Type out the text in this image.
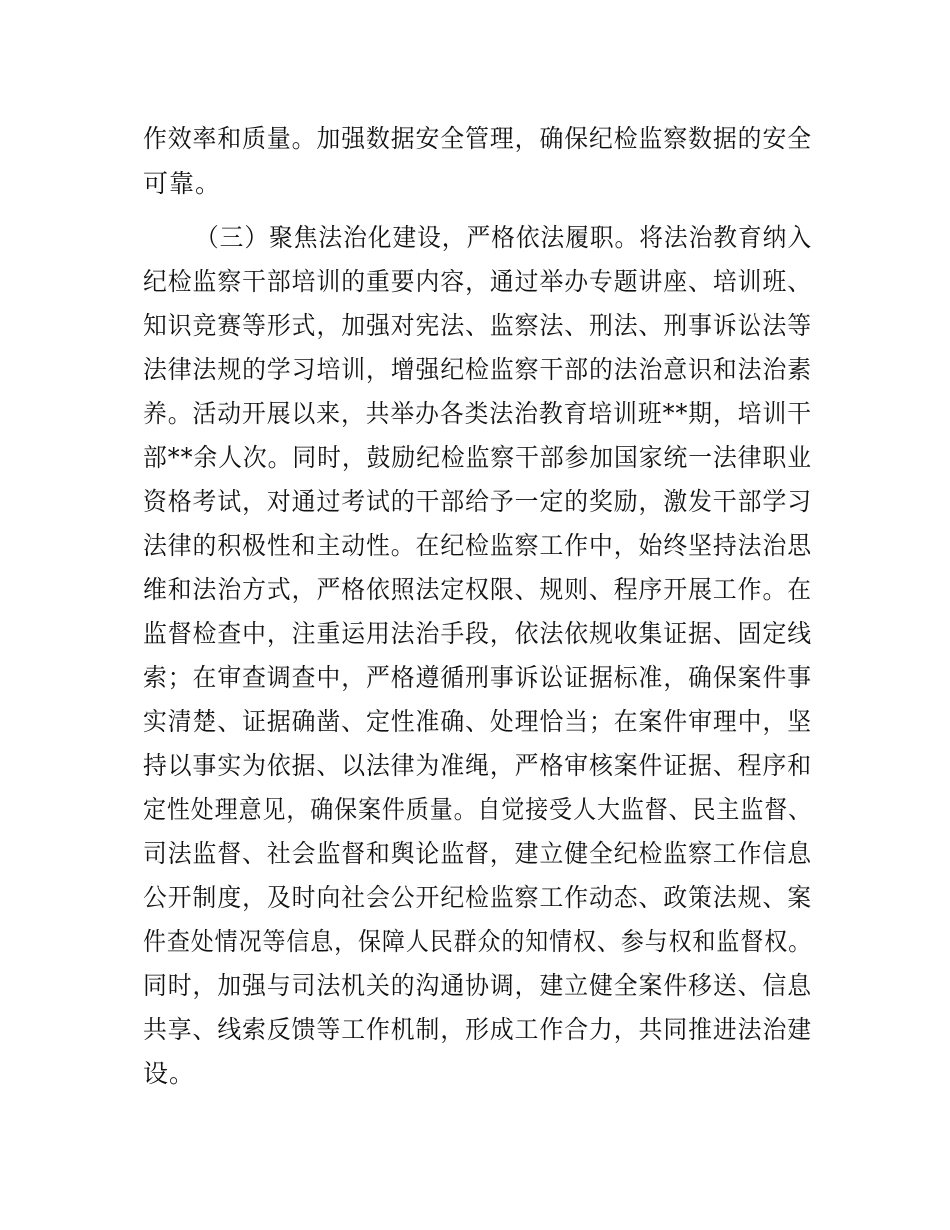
作效率和质量。加强数据安全管理，确保纪检监察数据的安全
可靠。
（三）聚焦法治化建设，严格依法履职。将法治教育纳入
纪检监察干部培训的重要内容，通过举办专题讲座、培训班、
知识竞赛等形式，加强对宪法、监察法、刑法、刑事诉讼法等
法律法规的学习培训，增强纪检监察干部的法治意识和法治素
养。活动开展以来，共举办各类法治教育培训班**期，培训干
部**余人次。同时，鼓励纪检监察干部参加国家统一法律职业
资格考试，对通过考试的干部给予一定的奖励，激发干部学习
法律的积极性和主动性。在纪检监察工作中，始终坚持法治思
维和法治方式，严格依照法定权限、规则、程序开展工作。在
监督检查中，注重运用法治手段，依法依规收集证据、固定线
索；在审查调查中，严格遵循刑事诉讼证据标准，确保案件事
实清楚、证据确凿、定性准确、处理恰当；在案件审理中，坚
持以事实为依据、以法律为准绳，严格审核案件证据、程序和
定性处理意见，确保案件质量。自觉接受人大监督、民主监督、
司法监督、社会监督和舆论监督，建立健全纪检监察工作信息
公开制度，及时向社会公开纪检监察工作动态、政策法规、案
件查处情况等信息，保障人民群众的知情权、参与权和监督权。
同时，加强与司法机关的沟通协调，建立健全案件移送、信息
共享、线索反馈等工作机制，形成工作合力，共同推进法治建
设。
